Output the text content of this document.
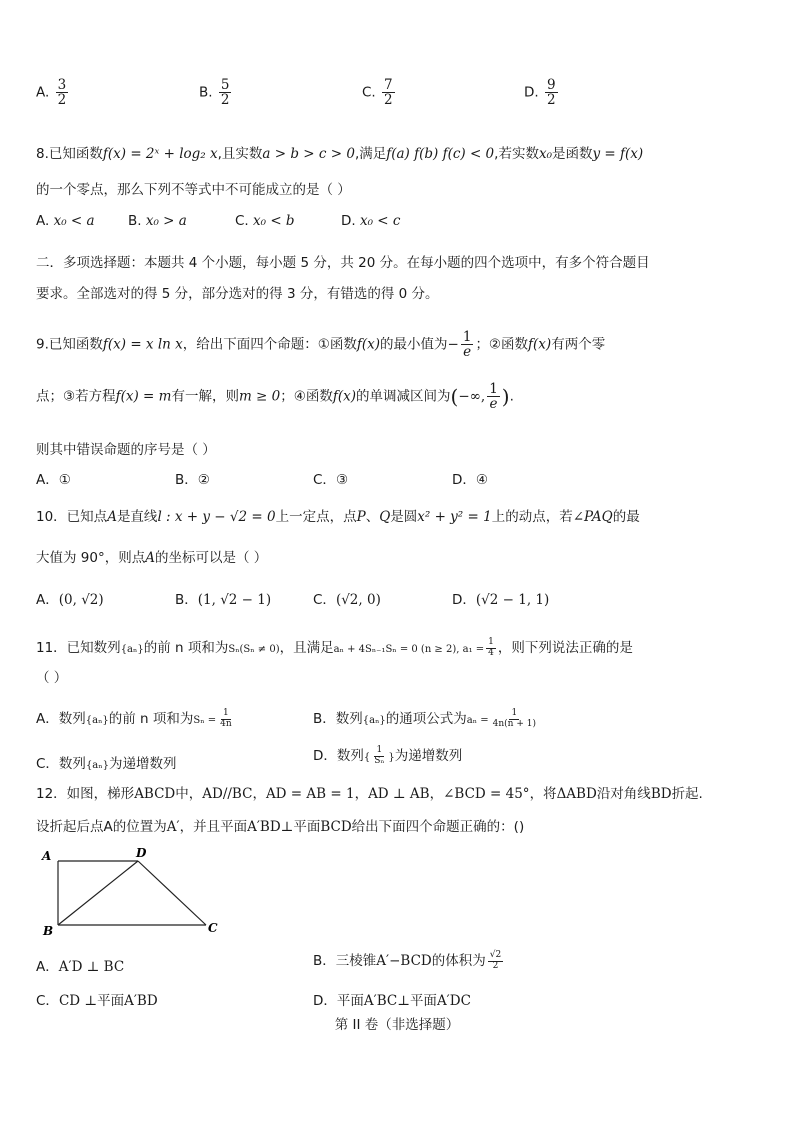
A. $\frac{3}{2}$	B. $\frac{5}{2}$	C. $\frac{7}{2}$	D. $\frac{9}{2}$
8.已知函数f(x) = 2ˣ + log₂ x,且实数a > b > c > 0,满足f(a) f(b) f(c) < 0,若实数x₀是函数y = f(x)
的一个零点，那么下列不等式中不可能成立的是（ ）
A. x₀ < a B. x₀ > a	C. x₀ < b	D. x₀ < c
二．多项选择题：本题共 4 个小题，每小题 5 分，共 20 分。在每小题的四个选项中，有多个符合题目
要求。全部选对的得 5 分，部分选对的得 3 分，有错选的得 0 分。
9.已知函数f(x) = x ln x，给出下面四个命题：①函数f(x)的最小值为− $\frac{1}{e}$ ；②函数f(x)有两个零
点；③若方程f(x) = m有一解，则m ≥ 0；④函数f(x)的单调减区间为(−∞, $\frac{1}{e}$ ).
则其中错误命题的序号是（ ）
A．①	B．②	C．③	D．④
10．已知点A是直线l : x + y − √2 = 0上一定点，点P、Q是圆x² + y² = 1上的动点，若∠PAQ的最
大值为 90°，则点A的坐标可以是（ ）
A．(0, √2)	B．(1, √2 − 1)	C．(√2, 0)	D．(√2 − 1, 1)
11．已知数列{aₙ}的前 n 项和为Sₙ(Sₙ ≠ 0)，且满足aₙ + 4Sₙ₋₁Sₙ = 0 (n ≥ 2), $a_1 = \frac{1}{4}$ ，则下列说法正确的是
（ ）
A．数列{aₙ}的前 n 项和为$S_n = \frac{1}{4n}$	B．数列{aₙ}的通项公式为$a_n = \frac{1}{4n(n + 1)}$
C．数列{aₙ}为递增数列	D．数列{ $\frac{1}{\text{Sₙ}}$ }为递增数列
12．如图，梯形ABCD中，AD//BC，AD = AB = 1，AD ⊥ AB，∠BCD = 45°，将ΔABD沿对角线BD折起.
设折起后点A的位置为A′，并且平面A′BD⊥平面BCD给出下面四个命题正确的：()
A	D
B	C
A．A′D ⊥ BC	B．三棱锥A′−BCD的体积为 $\frac{√2}{2}$
C．CD ⊥平面A′BD	D．平面A′BC⊥平面A′DC
第 II 卷（非选择题）
